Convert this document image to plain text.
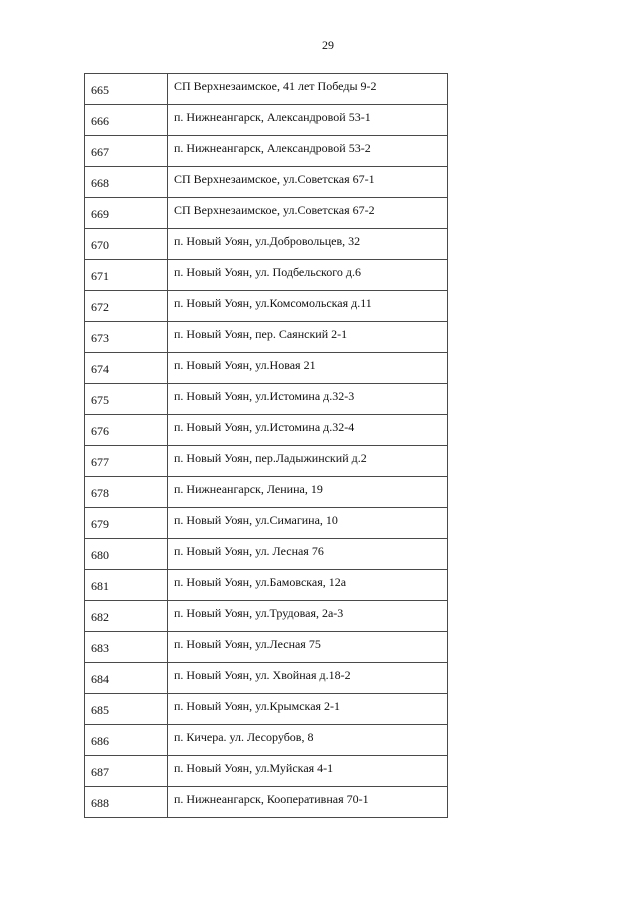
29
665	СП Верхнезаимское, 41 лет Победы 9-2
666	п. Нижнеангарск, Александровой 53-1
667	п. Нижнеангарск, Александровой 53-2
668	СП Верхнезаимское, ул.Советская 67-1
669	СП Верхнезаимское, ул.Советская 67-2
670	п. Новый Уоян, ул.Добровольцев, 32
671	п. Новый Уоян, ул. Подбельского д.6
672	п. Новый Уоян, ул.Комсомольская д.11
673	п. Новый Уоян, пер. Саянский 2-1
674	п. Новый Уоян, ул.Новая 21
675	п. Новый Уоян, ул.Истомина д.32-3
676	п. Новый Уоян, ул.Истомина д.32-4
677	п. Новый Уоян, пер.Ладыжинский д.2
678	п. Нижнеангарск, Ленина, 19
679	п. Новый Уоян, ул.Симагина, 10
680	п. Новый Уоян, ул. Лесная 76
681	п. Новый Уоян, ул.Бамовская, 12а
682	п. Новый Уоян, ул.Трудовая, 2а-3
683	п. Новый Уоян, ул.Лесная 75
684	п. Новый Уоян, ул. Хвойная д.18-2
685	п. Новый Уоян, ул.Крымская 2-1
686	п. Кичера. ул. Лесорубов, 8
687	п. Новый Уоян, ул.Муйская 4-1
688	п. Нижнеангарск, Кооперативная 70-1
